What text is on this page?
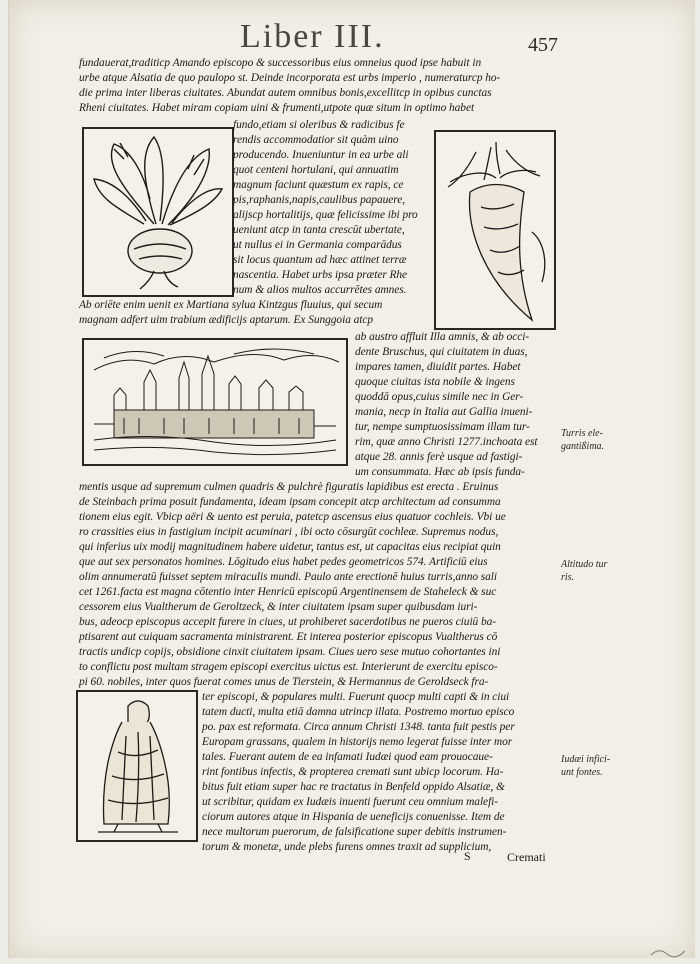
Liber III.	457
fundauerat,traditicp Amando episcopo & successoribus eius omneius quod ipse habuit in
urbe atque Alsatia de quo paulopo st. Deinde incorporata est urbs imperio , numeraturcp ho-
die prima inter liberas ciuitates. Abundat autem omnibus bonis,excellitcp in opibus cunctas
Rheni ciuitates. Habet miram copiam uini & frumenti,utpote quæ situm in optimo habet
fundo,etiam si oleribus & radicibus fe
rendis accommodatior sit quàm uino
producendo. Inueniuntur in ea urbe ali
quot centeni hortulani, qui annuatim
magnum faciunt quæstum ex rapis, ce
pis,raphanis,napis,caulibus papauere,
alijscp hortalitijs, quæ felicissime ibi pro
ueniunt atcp in tanta crescūt ubertate,
ut nullus ei in Germania comparādus
sit locus quantum ad hæc attinet terræ
nascentia. Habet urbs ipsa præter Rhe
num & alios multos accurrētes amnes.
Ab oriēte enim uenit ex Martiana sylua Kintzgus fluuius, qui secum
magnam adfert uim trabium ædificijs aptarum. Ex Sunggoia atcp
ab austro affluit Illa amnis, & ab occi-
dente Bruschus, qui ciuitatem in duas,
impares tamen, diuidit partes. Habet
quoque ciuitas ista nobile & ingens
quoddā opus,cuius simile nec in Ger-
mania, necp in Italia aut Gallia inueni-
tur, nempe sumptuosissimam illam tur-
rim, quæ anno Christi 1277.inchoata est
atque 28. annis ferè usque ad fastigi-
um consummata. Hæc ab ipsis funda-
mentis usque ad supremum culmen quadris & pulchrè figuratis lapidibus est erecta . Eruinus
de Steinbach prima posuit fundamenta, ideam ipsam concepit atcp architectum ad consumma
tionem eius egit. Vbicp aëri & uento est peruia, patetcp ascensus eius quatuor cochleis. Vbi ue
ro crassities eius in fastigium incipit acuminari , ibi octo cōsurgūt cochleæ. Supremus nodus,
qui inferius uix modij magnitudinem habere uidetur, tantus est, ut capacitas eius recipiat quin
que aut sex personatos homines. Lōgitudo eius habet pedes geometricos 574. Artificiū eius
olim annumeratū fuisset septem miraculis mundi. Paulo ante erectionē huius turris,anno sali
cet 1261.facta est magna cōtentio inter Henricū episcopū Argentinensem de Staheleck & suc
cessorem eius Vualtherum de Geroltzeck, & inter ciuitatem ipsam super quibusdam iuri-
bus, adeocp episcopus accepit furere in ciues, ut prohiberet sacerdotibus ne pueros ciuiū ba-
ptisarent aut cuiquam sacramenta ministrarent. Et interea posterior episcopus Vualtherus cō
tractis undicp copijs, obsidione cinxit ciuitatem ipsam. Ciues uero sese mutuo cohortantes ini
to conflictu post multam stragem episcopi exercitus uictus est. Interierunt de exercitu episco-
pi 60. nobiles, inter quos fuerat comes unus de Tierstein, & Hermannus de Geroldseck fra-
ter episcopi, & populares multi. Fuerunt quocp multi capti & in ciui
tatem ducti, multa etiā damna utrincp illata. Postremo mortuo episco
po. pax est reformata. Circa annum Christi 1348. tanta fuit pestis per
Europam grassans, qualem in historijs nemo legerat fuisse inter mor
tales. Fuerant autem de ea infamati Iudæi quod eam prouocaue-
rint fontibus infectis, & propterea cremati sunt ubicp locorum. Ha-
bitus fuit etiam super hac re tractatus in Benfeld oppido Alsatiæ, &
ut scribitur, quidam ex Iudæis inuenti fuerunt ceu omnium malefi-
ciorum autores atque in Hispania de ueneficijs conuenisse. Item de
nece multorum puerorum, de falsificatione super debitis instrumen-
torum & monetæ, unde plebs furens omnes traxit ad supplicium,
Turris ele-
gantißima.
Altitudo tur
ris.
Iudæi infici-
unt fontes.
S	Cremati
